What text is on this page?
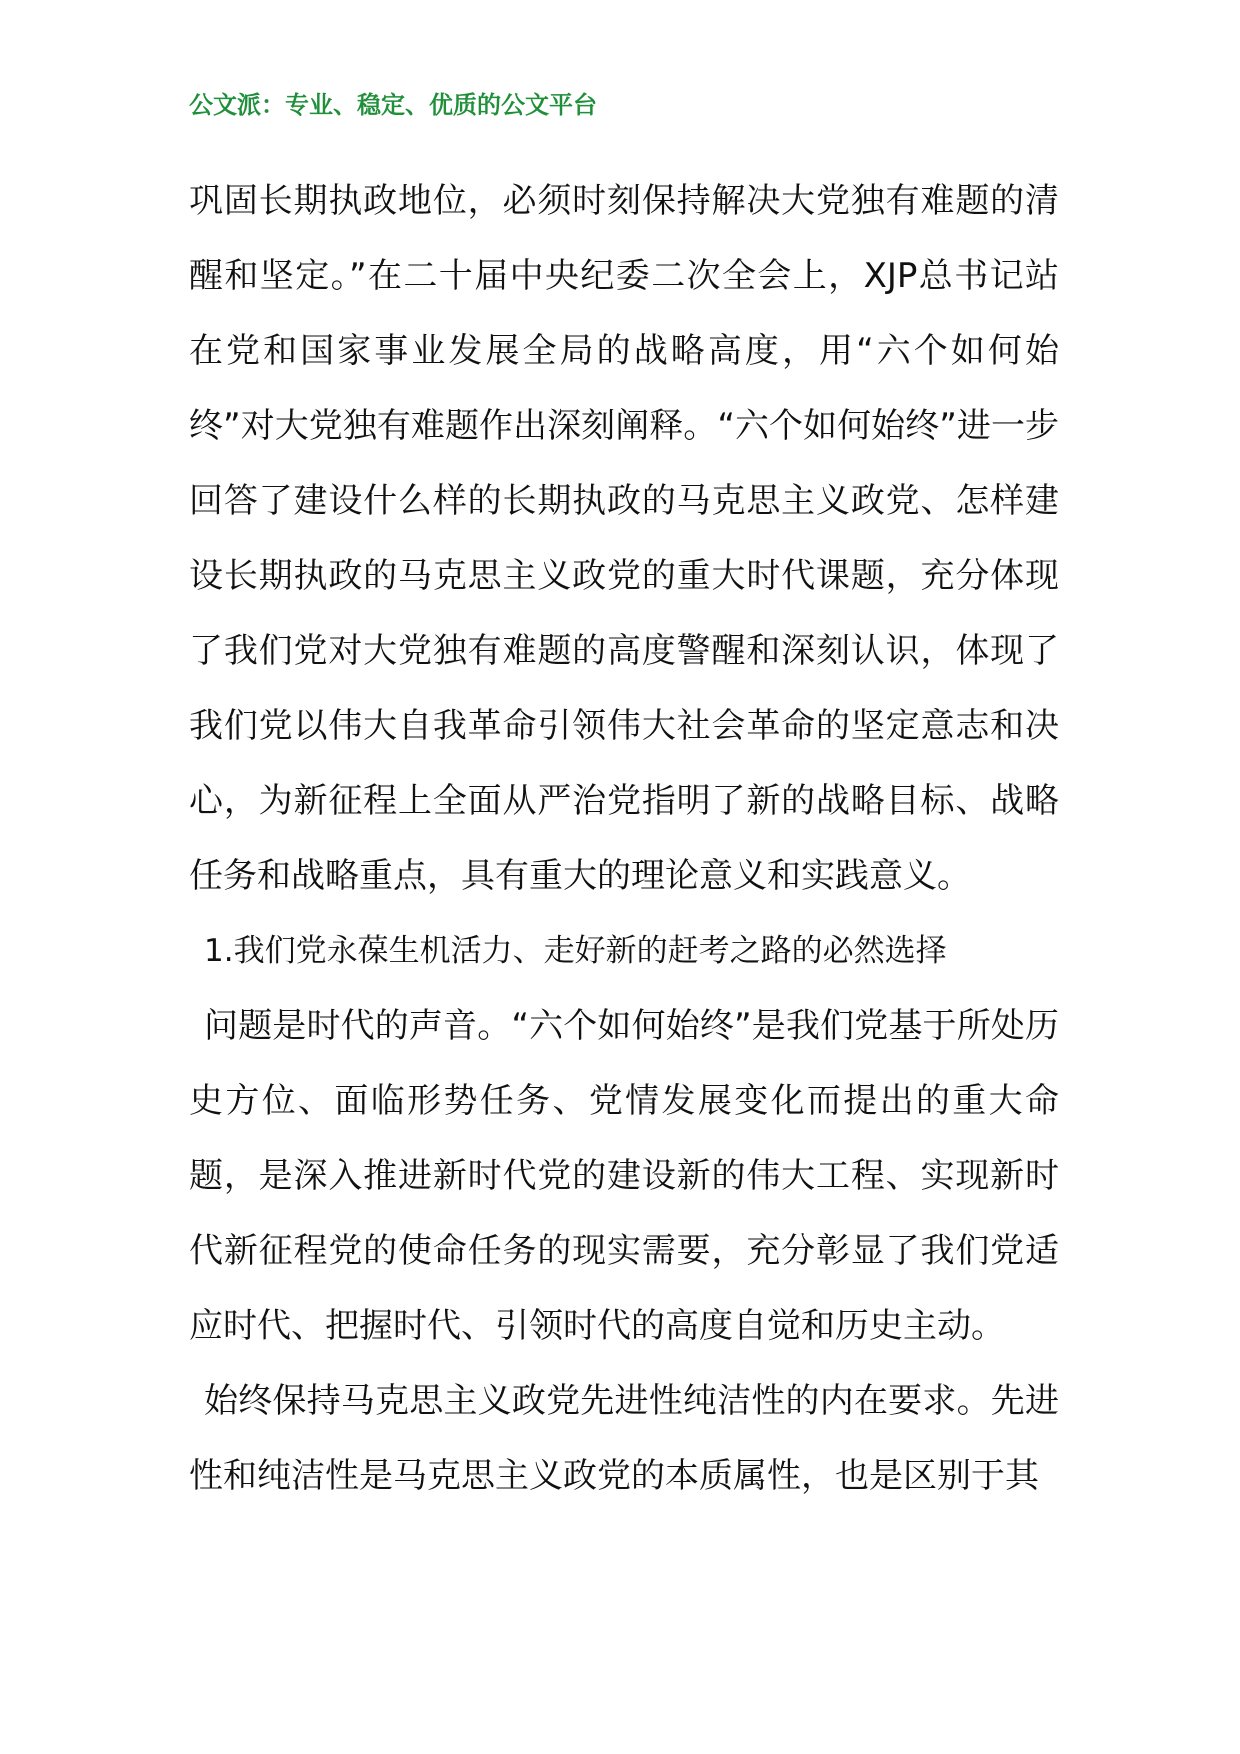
公文派：专业、稳定、优质的公文平台

巩固长期执政地位，必须时刻保持解决大党独有难题的清醒和坚定。”在二十届中央纪委二次全会上，XJP总书记站在党和国家事业发展全局的战略高度，用“六个如何始终”对大党独有难题作出深刻阐释。“六个如何始终”进一步回答了建设什么样的长期执政的马克思主义政党、怎样建设长期执政的马克思主义政党的重大时代课题，充分体现了我们党对大党独有难题的高度警醒和深刻认识，体现了我们党以伟大自我革命引领伟大社会革命的坚定意志和决心，为新征程上全面从严治党指明了新的战略目标、战略任务和战略重点，具有重大的理论意义和实践意义。

1.我们党永葆生机活力、走好新的赶考之路的必然选择

问题是时代的声音。“六个如何始终”是我们党基于所处历史方位、面临形势任务、党情发展变化而提出的重大命题，是深入推进新时代党的建设新的伟大工程、实现新时代新征程党的使命任务的现实需要，充分彰显了我们党适应时代、把握时代、引领时代的高度自觉和历史主动。

始终保持马克思主义政党先进性纯洁性的内在要求。先进性和纯洁性是马克思主义政党的本质属性，也是区别于其
